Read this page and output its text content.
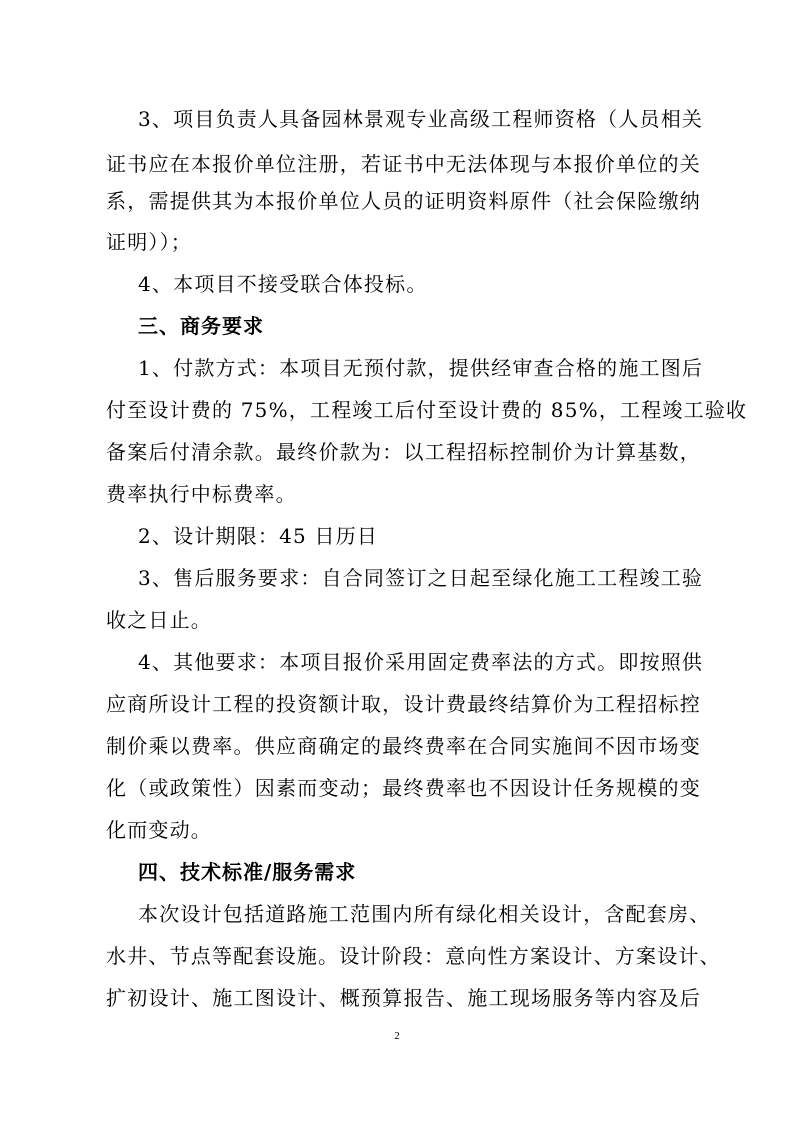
3、项目负责人具备园林景观专业高级工程师资格（人员相关
证书应在本报价单位注册，若证书中无法体现与本报价单位的关
系，需提供其为本报价单位人员的证明资料原件（社会保险缴纳
证明））；
4、本项目不接受联合体投标。
三、商务要求
1、付款方式：本项目无预付款，提供经审查合格的施工图后
付至设计费的 75%，工程竣工后付至设计费的 85%，工程竣工验收
备案后付清余款。最终价款为：以工程招标控制价为计算基数，
费率执行中标费率。
2、设计期限：45 日历日
3、售后服务要求：自合同签订之日起至绿化施工工程竣工验
收之日止。
4、其他要求：本项目报价采用固定费率法的方式。即按照供
应商所设计工程的投资额计取，设计费最终结算价为工程招标控
制价乘以费率。供应商确定的最终费率在合同实施间不因市场变
化（或政策性）因素而变动；最终费率也不因设计任务规模的变
化而变动。
四、技术标准/服务需求
本次设计包括道路施工范围内所有绿化相关设计，含配套房、
水井、节点等配套设施。设计阶段：意向性方案设计、方案设计、
扩初设计、施工图设计、概预算报告、施工现场服务等内容及后
2
